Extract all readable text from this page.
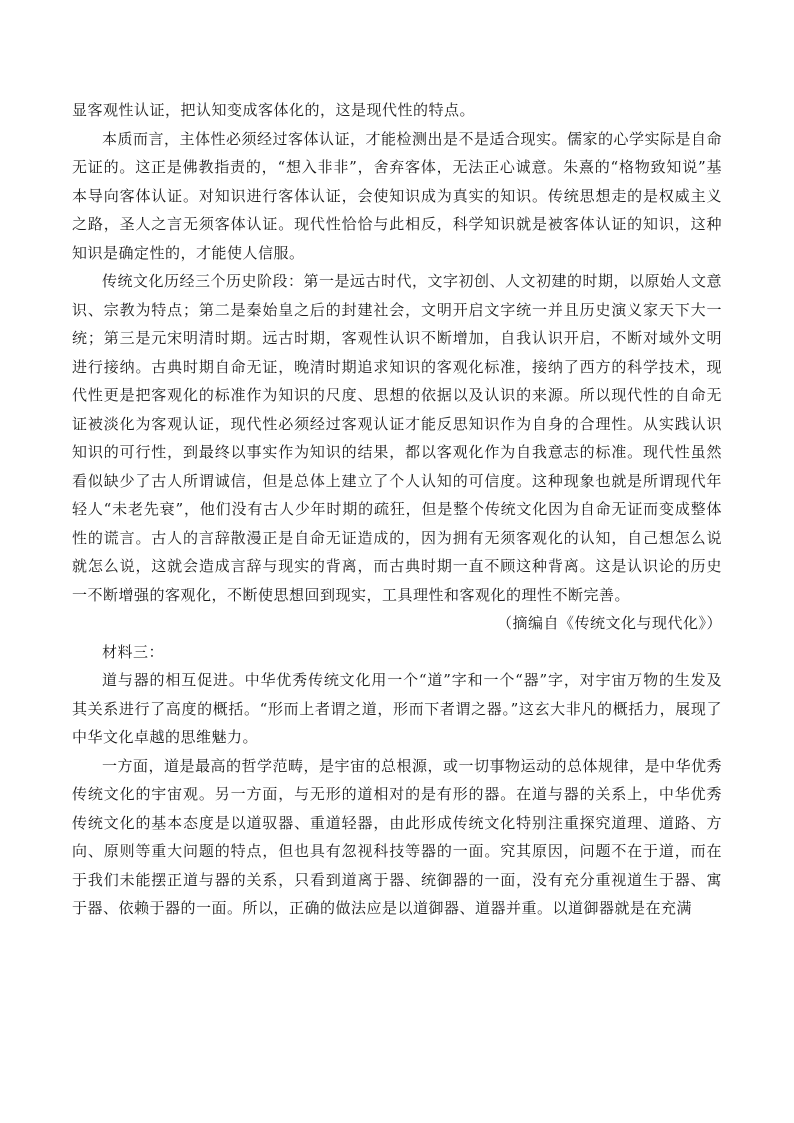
显客观性认证，把认知变成客体化的，这是现代性的特点。

本质而言，主体性必须经过客体认证，才能检测出是不是适合现实。儒家的心学实际是自命无证的。这正是佛教指责的，“想入非非”，舍弃客体，无法正心诚意。朱熹的“格物致知说”基本导向客体认证。对知识进行客体认证，会使知识成为真实的知识。传统思想走的是权威主义之路，圣人之言无须客体认证。现代性恰恰与此相反，科学知识就是被客体认证的知识，这种知识是确定性的，才能使人信服。

传统文化历经三个历史阶段：第一是远古时代，文字初创、人文初建的时期，以原始人文意识、宗教为特点；第二是秦始皇之后的封建社会，文明开启文字统一并且历史演义家天下大一统；第三是元宋明清时期。远古时期，客观性认识不断增加，自我认识开启，不断对域外文明进行接纳。古典时期自命无证，晚清时期追求知识的客观化标准，接纳了西方的科学技术，现代性更是把客观化的标准作为知识的尺度、思想的依据以及认识的来源。所以现代性的自命无证被淡化为客观认证，现代性必须经过客观认证才能反思知识作为自身的合理性。从实践认识知识的可行性，到最终以事实作为知识的结果，都以客观化作为自我意志的标准。现代性虽然看似缺少了古人所谓诚信，但是总体上建立了个人认知的可信度。这种现象也就是所谓现代年轻人“未老先衰”，他们没有古人少年时期的疏狂，但是整个传统文化因为自命无证而变成整体性的谎言。古人的言辞散漫正是自命无证造成的，因为拥有无须客观化的认知，自己想怎么说就怎么说，这就会造成言辞与现实的背离，而古典时期一直不顾这种背离。这是认识论的历史一不断增强的客观化，不断使思想回到现实，工具理性和客观化的理性不断完善。

（摘编自《传统文化与现代化》）

材料三：

道与器的相互促进。中华优秀传统文化用一个“道”字和一个“器”字，对宇宙万物的生发及其关系进行了高度的概括。“形而上者谓之道，形而下者谓之器。”这玄大非凡的概括力，展现了中华文化卓越的思维魅力。

一方面，道是最高的哲学范畴，是宇宙的总根源，或一切事物运动的总体规律，是中华优秀传统文化的宇宙观。另一方面，与无形的道相对的是有形的器。在道与器的关系上，中华优秀传统文化的基本态度是以道驭器、重道轻器，由此形成传统文化特别注重探究道理、道路、方向、原则等重大问题的特点，但也具有忽视科技等器的一面。究其原因，问题不在于道，而在于我们未能摆正道与器的关系，只看到道离于器、统御器的一面，没有充分重视道生于器、寓于器、依赖于器的一面。所以，正确的做法应是以道御器、道器并重。以道御器就是在充满
